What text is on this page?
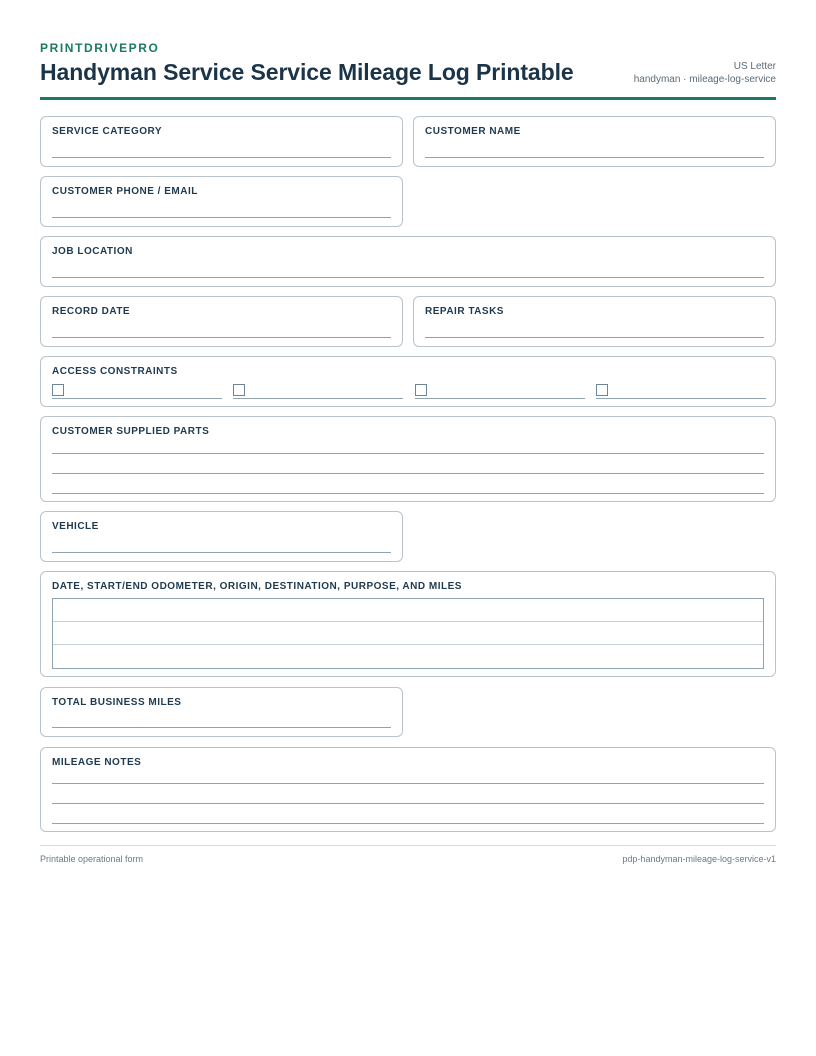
PRINTDRIVEPRO
Handyman Service Service Mileage Log Printable	US Letter
handyman · mileage-log-service
SERVICE CATEGORY	CUSTOMER NAME
CUSTOMER PHONE / EMAIL
JOB LOCATION
RECORD DATE	REPAIR TASKS
ACCESS CONSTRAINTS
CUSTOMER SUPPLIED PARTS
VEHICLE
DATE, START/END ODOMETER, ORIGIN, DESTINATION, PURPOSE, AND MILES
TOTAL BUSINESS MILES
MILEAGE NOTES
Printable operational form	pdp-handyman-mileage-log-service-v1
